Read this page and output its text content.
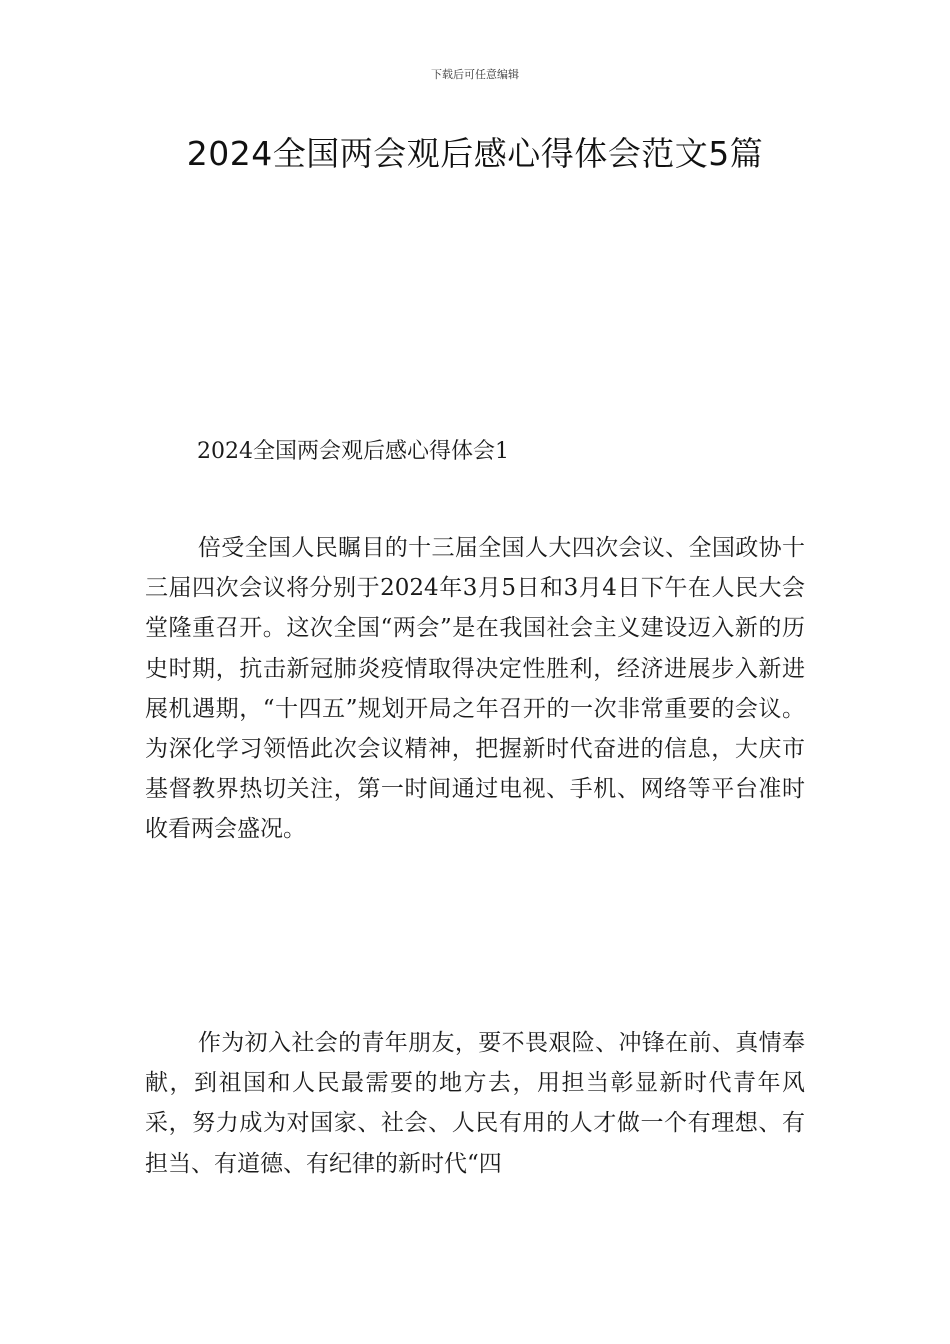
下载后可任意编辑
2024全国两会观后感心得体会范文5篇
2024全国两会观后感心得体会1

倍受全国人民瞩目的十三届全国人大四次会议、全国政协十三届四次会议将分别于2024年3月5日和3月4日下午在人民大会堂隆重召开。这次全国“两会”是在我国社会主义建设迈入新的历史时期，抗击新冠肺炎疫情取得决定性胜利，经济进展步入新进展机遇期，“十四五”规划开局之年召开的一次非常重要的会议。为深化学习领悟此次会议精神，把握新时代奋进的信息，大庆市基督教界热切关注，第一时间通过电视、手机、网络等平台准时收看两会盛况。

作为初入社会的青年朋友，要不畏艰险、冲锋在前、真情奉献，到祖国和人民最需要的地方去，用担当彰显新时代青年风采，努力成为对国家、社会、人民有用的人才做一个有理想、有担当、有道德、有纪律的新时代“四
